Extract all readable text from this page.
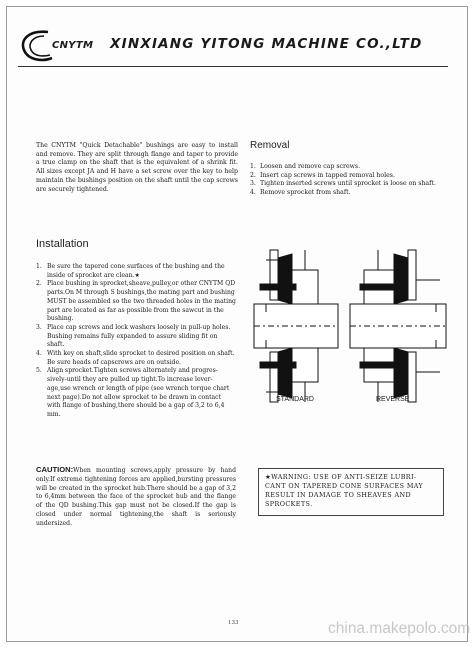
CNYTM XINXIANG YITONG MACHINE CO.,LTD
The CNYTM "Quick Detachable" bushings are easy to install and remove. They are split through flange and taper to provide a true clamp on the shaft that is the equivalent of a shrink fit. All sizes except JA and H have a set screw over the key to help maintain the bushings position on the shaft until the cap screws are securely tightened.
Removal
1. Loosen and remove cap screws.
2. Insert cap screws in tapped removal holes.
3. Tighten inserted screws until sprocket is loose on shaft.
4. Remove sprocket from shaft.
Installation
1. Be sure the tapered cone surfaces of the bushing and the inside of sprocket are clean.★
2. Place bushing in sprocket,sheave,pulley,or other CNYTM QD parts.On M through S bushings,the mating part and bushing MUST be assembled so the two threaded holes in the mating part are located as far as possible from the sawcut in the bushing.
3. Place cap screws and lock washers loosely in pull-up holes. Bushing remains fully expanded to assure sliding fit on shaft.
4. With key on shaft,slide sprocket to desired position on shaft. Be sure heads of capscrews are on outside.
5. Align sprocket.Tighten screws alternately and progres-sively-until they are pulled up tight.To increase lever-age,use wrench or length of pipe (see wrench torque chart next page).Do not allow sprocket to be drawn in contact with flange of bushing,there should be a gap of 3,2 to 6,4 mm.
STANDARD	REVERSE
CAUTION:When mounting screws,apply pressure by hand only.If extreme tightening forces are applied,bursting pressures will be created in the sprocket hub.There should be a gap of 3,2 to 6,4mm between the face of the sprocket hub and the flange of the QD bushing.This gap must not be closed.If the gap is closed under normal tightening,the shaft is seriously undersized.
★WARNING: USE OF ANTI-SEIZE LUBRI-CANT ON TAPERED CONE SURFACES MAY RESULT IN DAMAGE TO SHEAVES AND SPROCKETS.
133	china.makepolo.com
